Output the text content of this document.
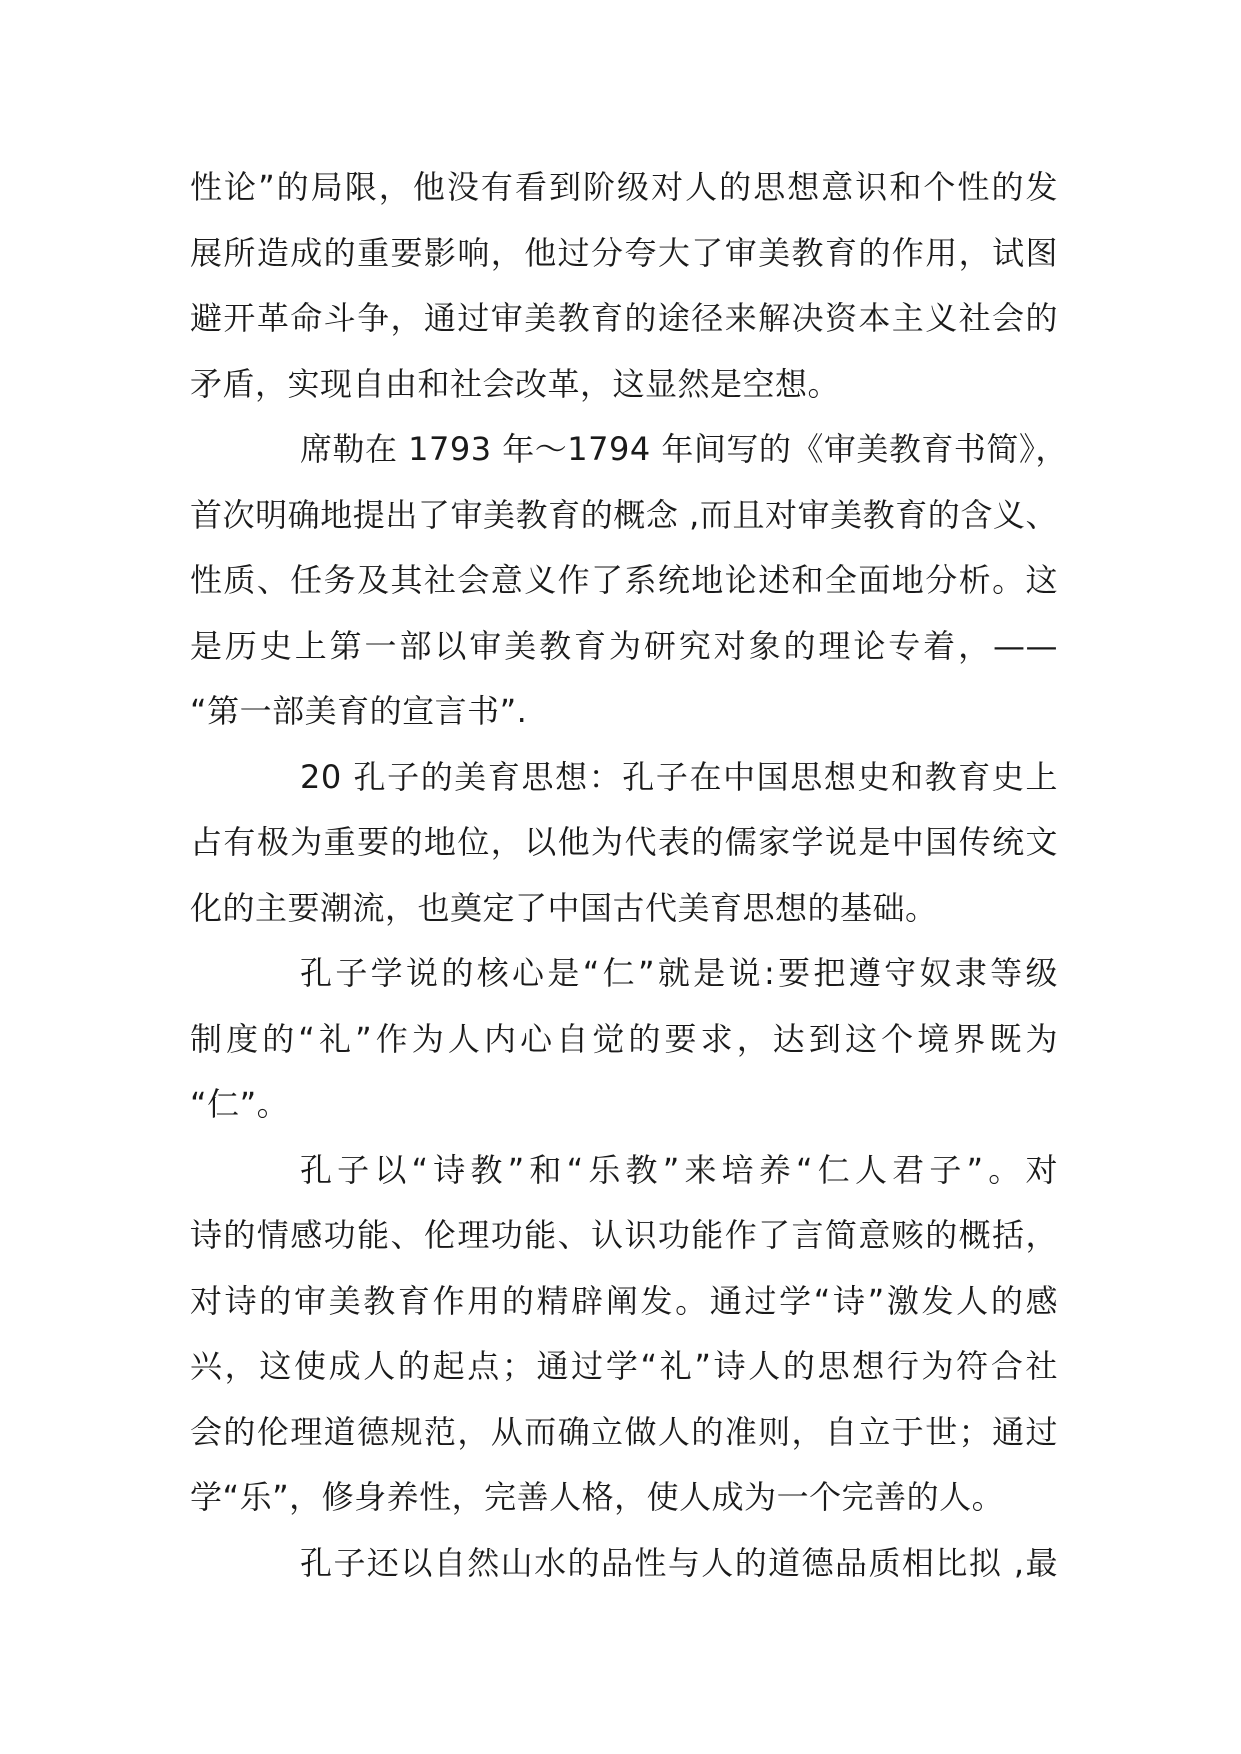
性论”的局限，他没有看到阶级对人的思想意识和个性的发
展所造成的重要影响，他过分夸大了审美教育的作用，试图
避开革命斗争，通过审美教育的途径来解决资本主义社会的
矛盾，实现自由和社会改革，这显然是空想。
席勒在 1793 年～1794 年间写的《审美教育书简》，
首次明确地提出了审美教育的概念 ,而且对审美教育的含义、
性质、任务及其社会意义作了系统地论述和全面地分析。这
是历史上第一部以审美教育为研究对象的理论专着，——
“第一部美育的宣言书”.
20 孔子的美育思想：孔子在中国思想史和教育史上
占有极为重要的地位，以他为代表的儒家学说是中国传统文
化的主要潮流，也奠定了中国古代美育思想的基础。
孔子学说的核心是“仁”就是说:要把遵守奴隶等级
制度的“礼”作为人内心自觉的要求，达到这个境界既为
“仁”。
孔子以“诗教”和“乐教”来培养“仁人君子”。对
诗的情感功能、伦理功能、认识功能作了言简意赅的概括，
对诗的审美教育作用的精辟阐发。通过学“诗”激发人的感
兴，这使成人的起点；通过学“礼”诗人的思想行为符合社
会的伦理道德规范，从而确立做人的准则，自立于世；通过
学“乐”，修身养性，完善人格，使人成为一个完善的人。
孔子还以自然山水的品性与人的道德品质相比拟 ,最
